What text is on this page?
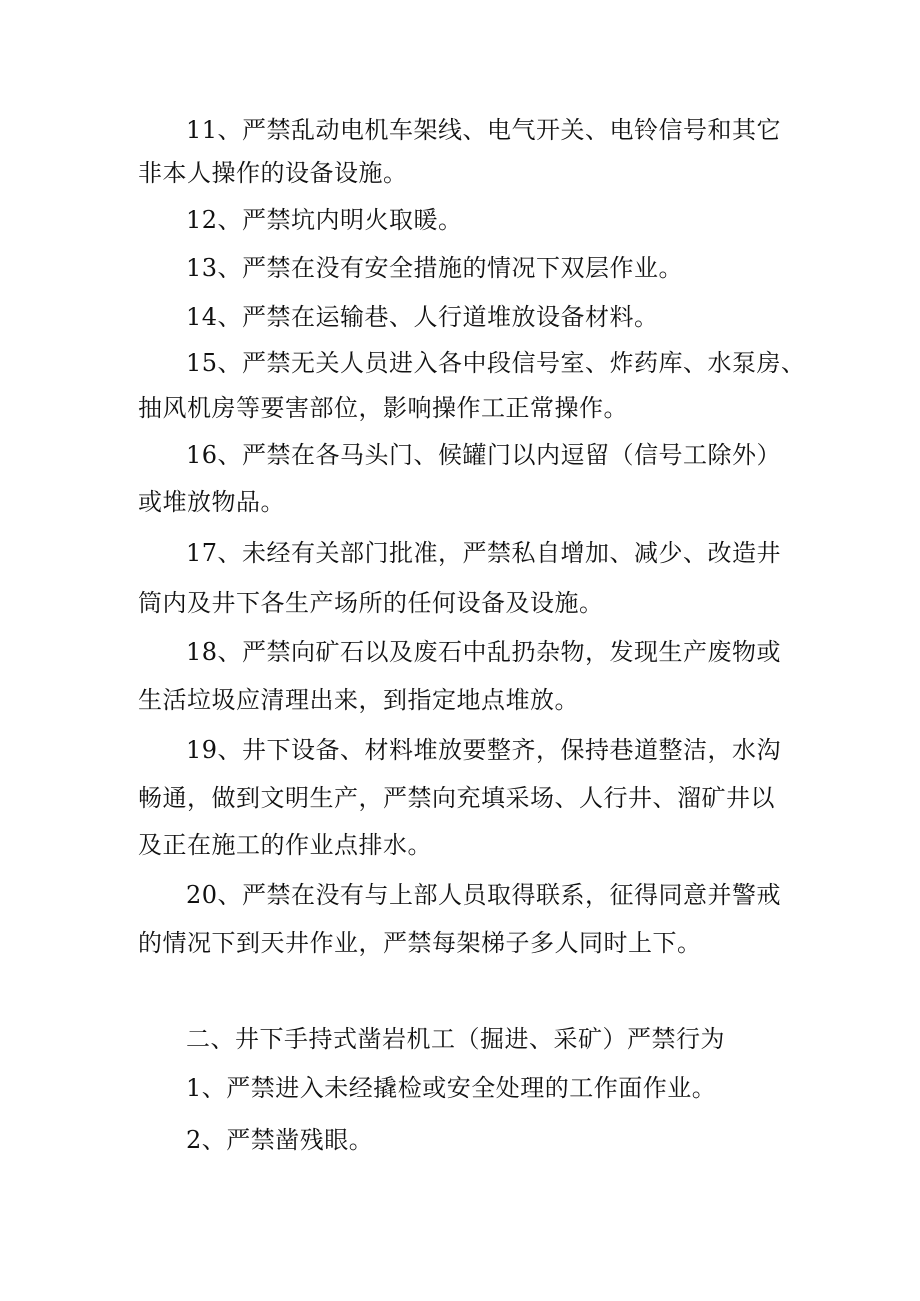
11、严禁乱动电机车架线、电气开关、电铃信号和其它
非本人操作的设备设施。
12、严禁坑内明火取暖。
13、严禁在没有安全措施的情况下双层作业。
14、严禁在运输巷、人行道堆放设备材料。
15、严禁无关人员进入各中段信号室、炸药库、水泵房、
抽风机房等要害部位，影响操作工正常操作。
16、严禁在各马头门、候罐门以内逗留（信号工除外）
或堆放物品。
17、未经有关部门批准，严禁私自增加、减少、改造井
筒内及井下各生产场所的任何设备及设施。
18、严禁向矿石以及废石中乱扔杂物，发现生产废物或
生活垃圾应清理出来，到指定地点堆放。
19、井下设备、材料堆放要整齐，保持巷道整洁，水沟
畅通，做到文明生产，严禁向充填采场、人行井、溜矿井以
及正在施工的作业点排水。
20、严禁在没有与上部人员取得联系，征得同意并警戒
的情况下到天井作业，严禁每架梯子多人同时上下。
二、井下手持式凿岩机工（掘进、采矿）严禁行为
1、严禁进入未经撬检或安全处理的工作面作业。
2、严禁凿残眼。
